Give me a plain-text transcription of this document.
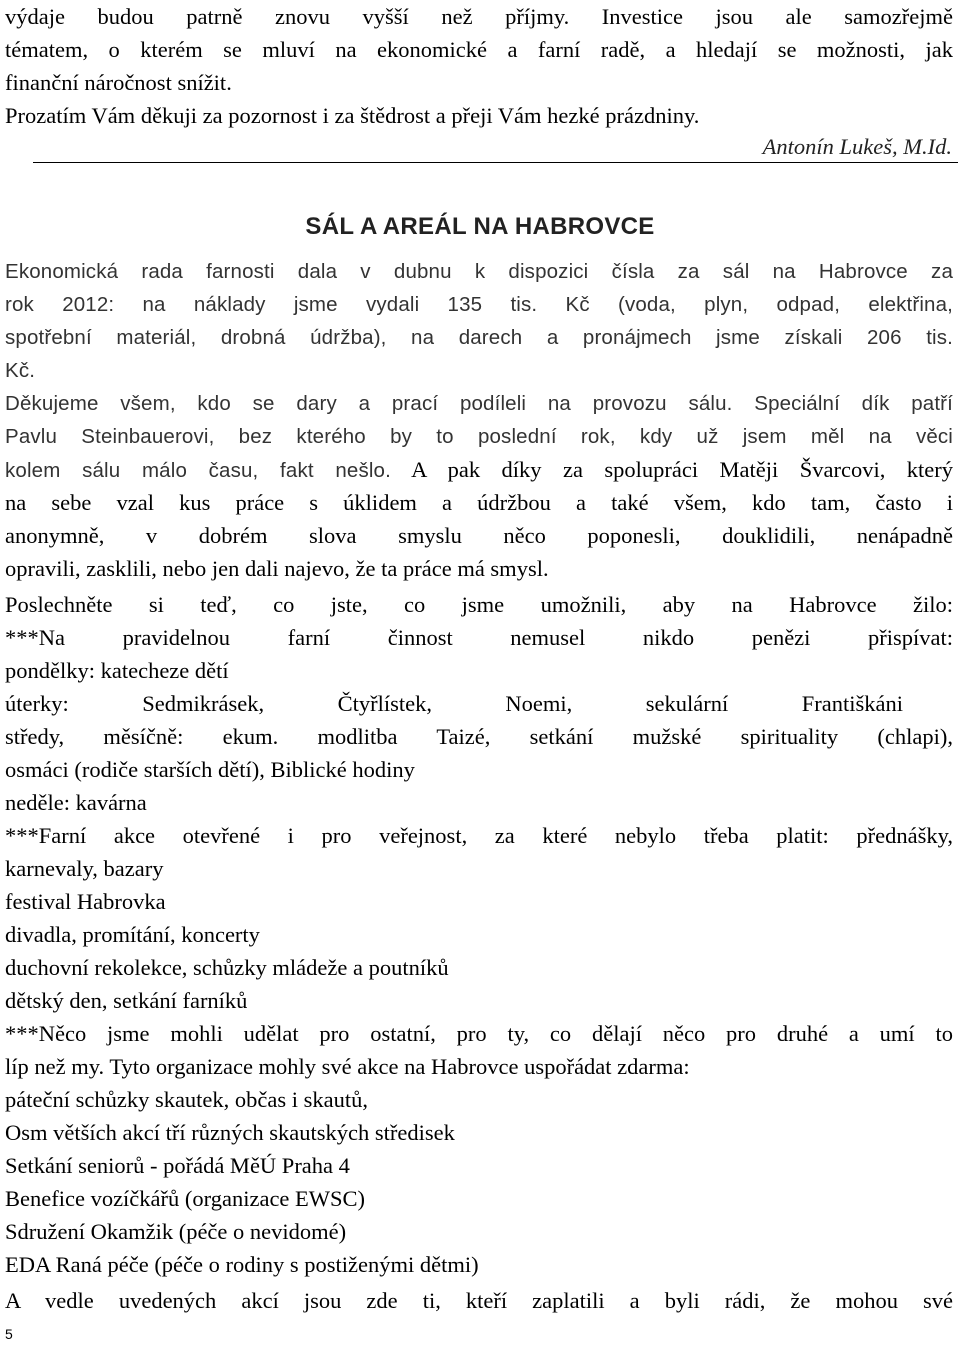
výdaje budou patrně znovu vyšší než příjmy. Investice jsou ale samozřejmě
tématem, o kterém se mluví na ekonomické a farní radě, a hledají se možnosti, jak
finanční náročnost snížit.
Prozatím Vám děkuji za pozornost i za štědrost a přeji Vám hezké prázdniny.
Antonín Lukeš, M.Id.
SÁL A AREÁL NA HABROVCE
Ekonomická rada farnosti dala v dubnu k dispozici čísla za sál na Habrovce za
rok 2012: na náklady jsme vydali 135 tis. Kč (voda, plyn, odpad, elektřina,
spotřební materiál, drobná údržba), na darech a pronájmech jsme získali 206 tis.
Kč.
Děkujeme všem, kdo se dary a prací podíleli na provozu sálu. Speciální dík patří
Pavlu Steinbauerovi, bez kterého by to poslední rok, kdy už jsem měl na věci
kolem sálu málo času, fakt nešlo. A pak díky za spolupráci Matěji Švarcovi, který
na sebe vzal kus práce s úklidem a údržbou a také všem, kdo tam, často i
anonymně, v dobrém slova smyslu něco poponesli, douklidili, nenápadně
opravili, zasklili, nebo jen dali najevo, že ta práce má smysl.
Poslechněte si teď, co jste, co jsme umožnili, aby na Habrovce žilo:
***Na pravidelnou farní činnost nemusel nikdo penězi přispívat:
pondělky: katecheze dětí
úterky: Sedmikrásek, Čtyřlístek, Noemi, sekulární Františkáni
středy, měsíčně: ekum. modlitba Taizé, setkání mužské spirituality (chlapi),
osmáci (rodiče starších dětí), Biblické hodiny
neděle: kavárna
***Farní akce otevřené i pro veřejnost, za které nebylo třeba platit: přednášky,
karnevaly, bazary
festival Habrovka
divadla, promítání, koncerty
duchovní rekolekce, schůzky mládeže a poutníků
dětský den, setkání farníků
***Něco jsme mohli udělat pro ostatní, pro ty, co dělají něco pro druhé a umí to
líp než my. Tyto organizace mohly své akce na Habrovce uspořádat zdarma:
páteční schůzky skautek, občas i skautů,
Osm větších akcí tří různých skautských středisek
Setkání seniorů - pořádá MěÚ Praha 4
Benefice vozíčkářů (organizace EWSC)
Sdružení Okamžik (péče o nevidomé)
EDA Raná péče (péče o rodiny s postiženými dětmi)
A vedle uvedených akcí jsou zde ti, kteří zaplatili a byli rádi, že mohou své
5
